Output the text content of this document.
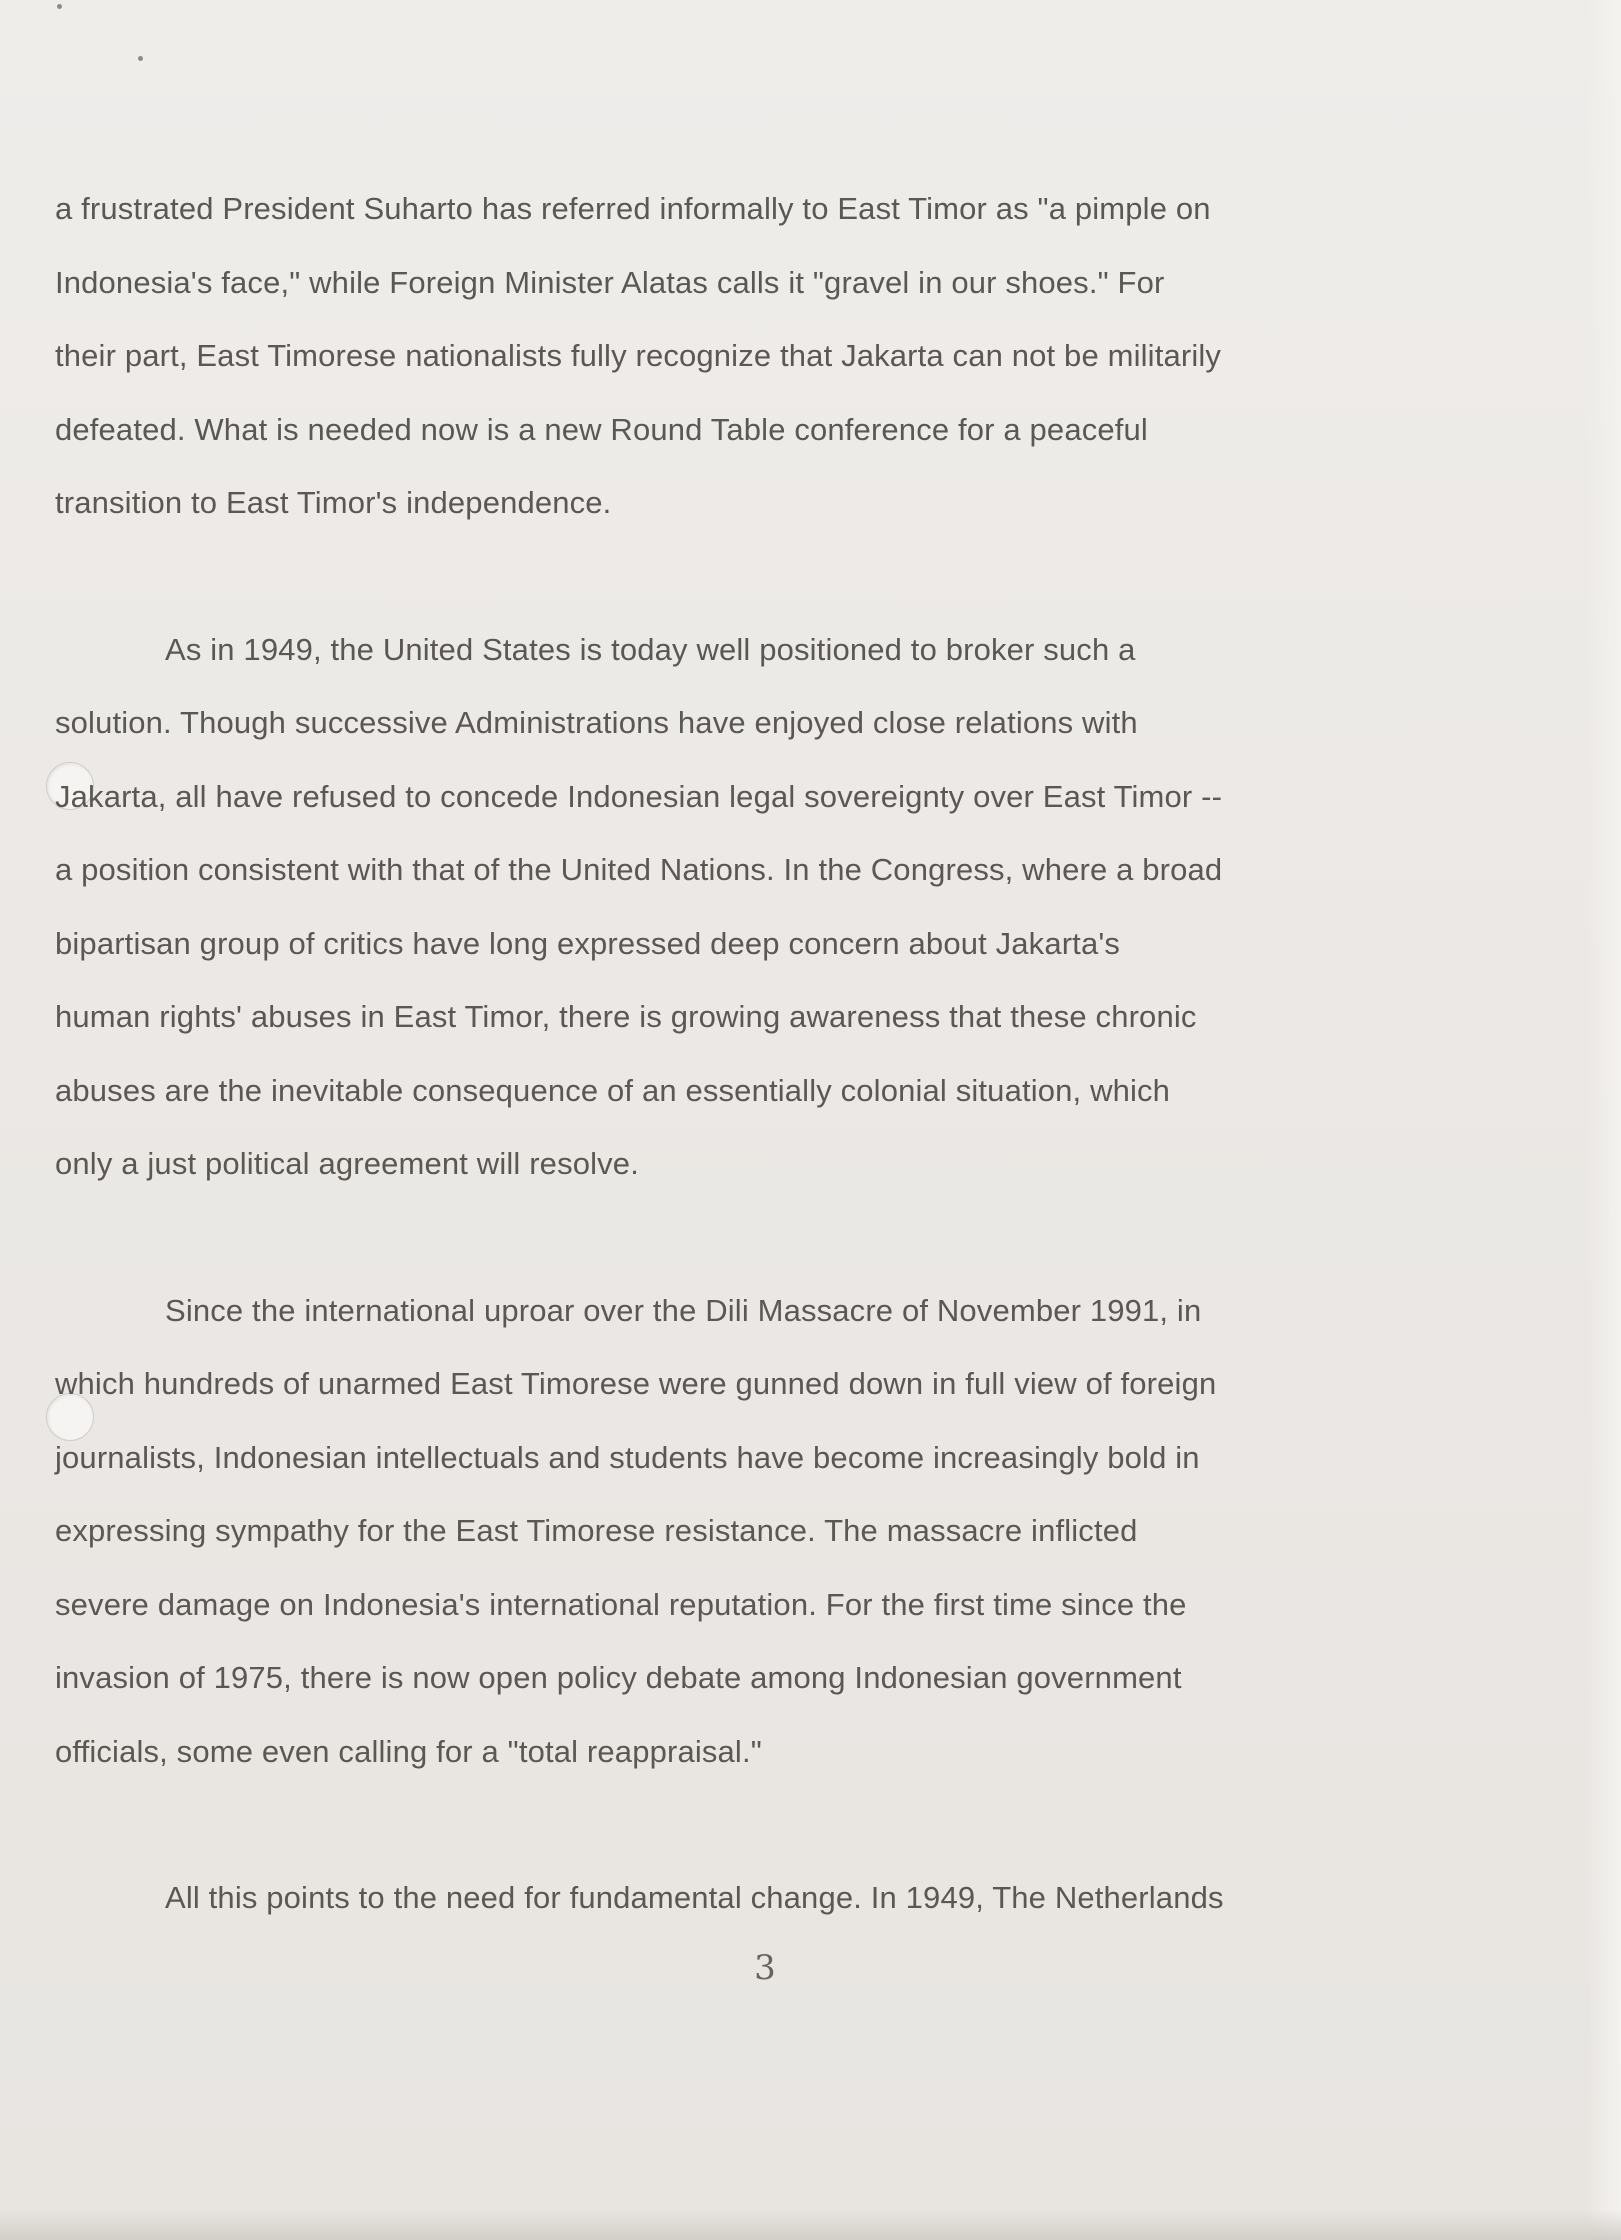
a frustrated President Suharto has referred informally to East Timor as "a pimple on
Indonesia's face," while Foreign Minister Alatas calls it "gravel in our shoes." For
their part, East Timorese nationalists fully recognize that Jakarta can not be militarily
defeated. What is needed now is a new Round Table conference for a peaceful
transition to East Timor's independence.

As in 1949, the United States is today well positioned to broker such a
solution. Though successive Administrations have enjoyed close relations with
Jakarta, all have refused to concede Indonesian legal sovereignty over East Timor --
a position consistent with that of the United Nations. In the Congress, where a broad
bipartisan group of critics have long expressed deep concern about Jakarta's
human rights' abuses in East Timor, there is growing awareness that these chronic
abuses are the inevitable consequence of an essentially colonial situation, which
only a just political agreement will resolve.

Since the international uproar over the Dili Massacre of November 1991, in
which hundreds of unarmed East Timorese were gunned down in full view of foreign
journalists, Indonesian intellectuals and students have become increasingly bold in
expressing sympathy for the East Timorese resistance. The massacre inflicted
severe damage on Indonesia's international reputation. For the first time since the
invasion of 1975, there is now open policy debate among Indonesian government
officials, some even calling for a "total reappraisal."

All this points to the need for fundamental change. In 1949, The Netherlands

3
